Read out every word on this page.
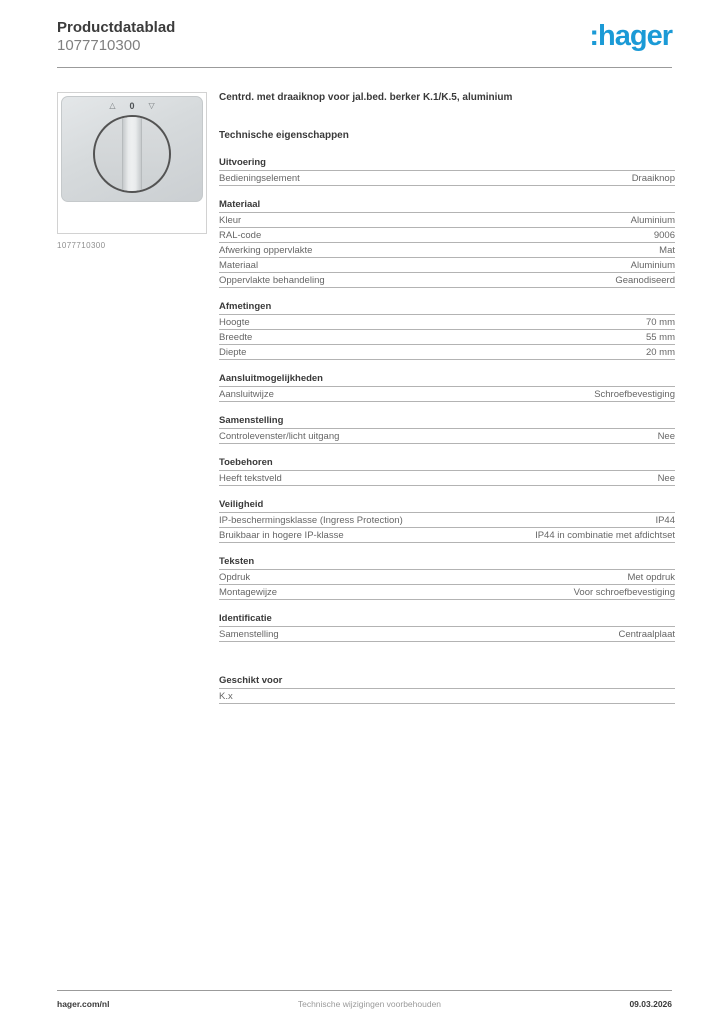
Productdatablad
1077710300	:hager
△ 0 ▽
1077710300
Centrd. met draaiknop voor jal.bed. berker K.1/K.5, aluminium
Technische eigenschappen
Uitvoering
Bedieningselement	Draaiknop
Materiaal
Kleur	Aluminium
RAL-code	9006
Afwerking oppervlakte	Mat
Materiaal	Aluminium
Oppervlakte behandeling	Geanodiseerd
Afmetingen
Hoogte	70 mm
Breedte	55 mm
Diepte	20 mm
Aansluitmogelijkheden
Aansluitwijze	Schroefbevestiging
Samenstelling
Controlevenster/licht uitgang	Nee
Toebehoren
Heeft tekstveld	Nee
Veiligheid
IP-beschermingsklasse (Ingress Protection)	IP44
Bruikbaar in hogere IP-klasse	IP44 in combinatie met afdichtset
Teksten
Opdruk	Met opdruk
Montagewijze	Voor schroefbevestiging
Identificatie
Samenstelling	Centraalplaat
Geschikt voor
K.x
hager.com/nl	Technische wijzigingen voorbehouden	09.03.2026
